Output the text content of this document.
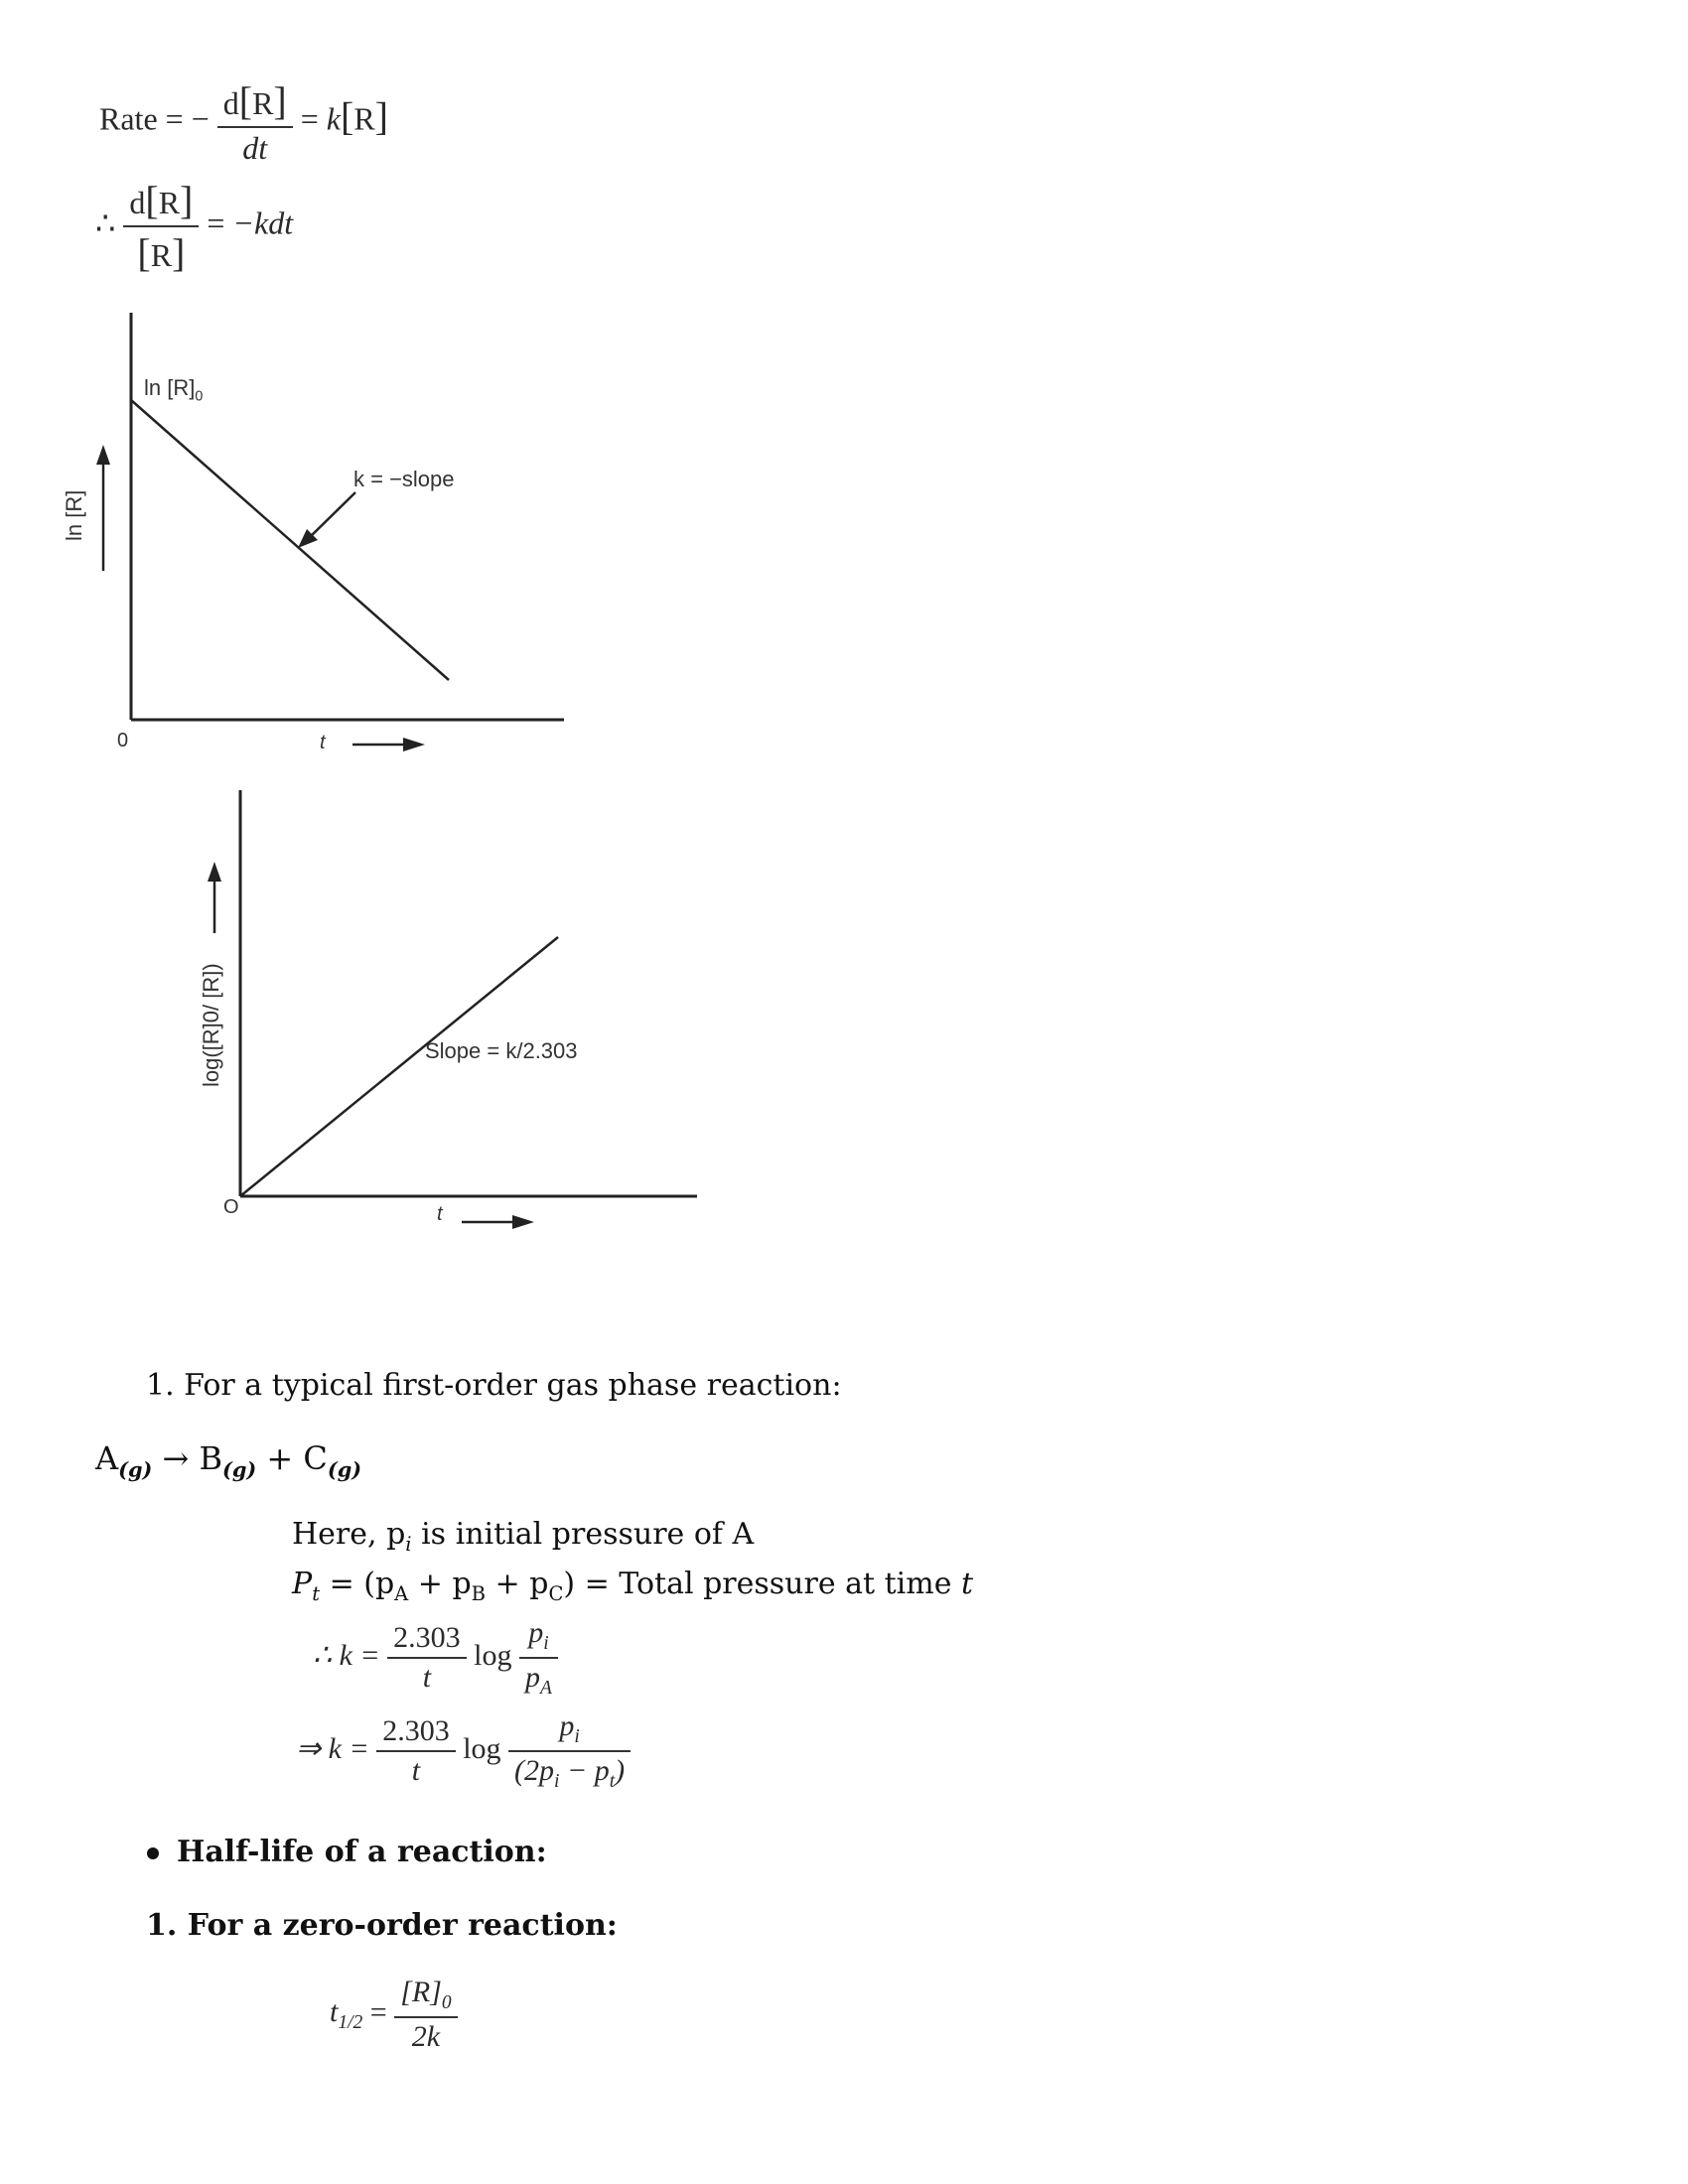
Rate = − $\frac{d[R]}{dt} = k[R]$
∴ $\frac{d[R]}{[R]} = -kdt$
ln [R]
$\ln [R]_0$
k = −slope
0	t
log([R]0/ [R])	Slope = k/2.303
O	t
1. For a typical first-order gas phase reaction:
$A_{(g)} \to B_{(g)} + C_{(g)}$
Here, $p_i$ is initial pressure of A
$P_t = (p_A + p_B + p_C)$ = Total pressure at time t
∴ $k = \frac{2.303}{t}$ $\log \frac{p_i}{p_A}$
⇒ $k = \frac{2.303}{t}$ $\log \frac{p_i}{(2p_i - p_t)}$
Half-life of a reaction:
1. For a zero-order reaction:
$t_{1/2} = \frac{[R]_0}{2k}$
